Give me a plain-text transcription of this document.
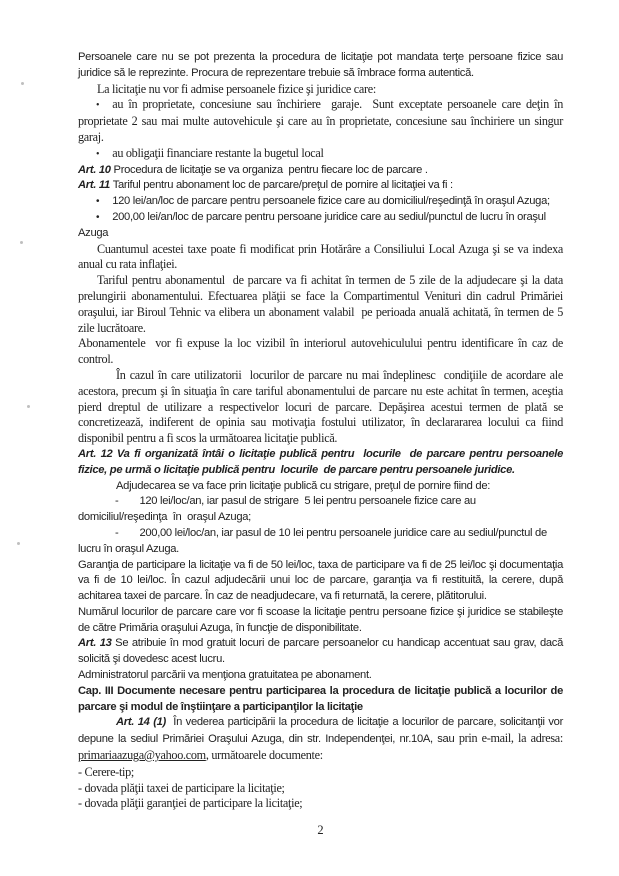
Persoanele care nu se pot prezenta la procedura de licitaţie pot mandata terţe persoane fizice sau juridice să le reprezinte. Procura de reprezentare trebuie să îmbrace forma autentică.

La licitaţie nu vor fi admise persoanele fizice şi juridice care:

• au în proprietate, concesiune sau închiriere  garaje.  Sunt exceptate persoanele care deţin în proprietate 2 sau mai multe autovehicule şi care au în proprietate, concesiune sau închiriere un singur garaj.

• au obligaţii financiare restante la bugetul local

Art. 10 Procedura de licitaţie se va organiza  pentru fiecare loc de parcare .

Art. 11 Tariful pentru abonament loc de parcare/preţul de pornire al licitaţiei va fi :

• 120 lei/an/loc de parcare pentru persoanele fizice care au domiciliul/reşedinţă în oraşul Azuga;

• 200,00 lei/an/loc de parcare pentru persoane juridice care au sediul/punctul de lucru în oraşul Azuga

Cuantumul acestei taxe poate fi modificat prin Hotărâre a Consiliului Local Azuga şi se va indexa anual cu rata inflaţiei.

Tariful pentru abonamentul  de parcare va fi achitat în termen de 5 zile de la adjudecare şi la data prelungirii abonamentului. Efectuarea plăţii se face la Compartimentul Venituri din cadrul Primăriei oraşului, iar Biroul Tehnic va elibera un abonament valabil  pe perioada anuală achitată, în termen de 5 zile lucrătoare.

Abonamentele  vor fi expuse la loc vizibil în interiorul autovehiculului pentru identificare în caz de control.

În cazul în care utilizatorii  locurilor de parcare nu mai îndeplinesc  condiţiile de acordare ale acestora, precum şi în situaţia în care tariful abonamentului de parcare nu este achitat în termen, aceştia pierd dreptul de utilizare a respectivelor locuri de parcare. Depăşirea acestui termen de plată se concretizează, indiferent de opinia sau motivaţia fostului utilizator, în declarararea locului ca fiind disponibil pentru a fi scos la următoarea licitaţie publică.

Art. 12 Va fi organizată întâi o licitaţie publică pentru  locurile  de parcare pentru persoanele fizice, pe urmă o licitaţie publică pentru  locurile  de parcare pentru persoanele juridice.

Adjudecarea se va face prin licitaţie publică cu strigare, preţul de pornire fiind de:

- 120 lei/loc/an, iar pasul de strigare  5 lei pentru persoanele fizice care au domiciliul/reşedinţa  în  oraşul Azuga;

- 200,00 lei/loc/an, iar pasul de 10 lei pentru persoanele juridice care au sediul/punctul de lucru în oraşul Azuga.

Garanţia de participare la licitaţie va fi de 50 lei/loc, taxa de participare va fi de 25 lei/loc şi documentaţia va fi de 10 lei/loc. În cazul adjudecării unui loc de parcare, garanţia va fi restituită, la cerere, după achitarea taxei de parcare. În caz de neadjudecare, va fi returnată, la cerere, plătitorului.

Numărul locurilor de parcare care vor fi scoase la licitaţie pentru persoane fizice şi juridice se stabileşte de către Primăria oraşului Azuga, în funcţie de disponibilitate.

Art. 13 Se atribuie în mod gratuit locuri de parcare persoanelor cu handicap accentuat sau grav, dacă solicită şi dovedesc acest lucru.

Administratorul parcării va menţiona gratuitatea pe abonament.

Cap. III Documente necesare pentru participarea la procedura de licitaţie publică a locurilor de parcare şi modul de înştiinţare a participanţilor la licitaţie

Art. 14 (1)  În vederea participării la procedura de licitaţie a locurilor de parcare, solicitanţii vor depune la sediul Primăriei Oraşului Azuga, din str. Independenţei, nr.10A, sau prin e-mail, la adresa: primariaazuga@yahoo.com, următoarele documente:

- Cerere-tip;

- dovada plăţii taxei de participare la licitaţie;

- dovada plăţii garanţiei de participare la licitaţie;

2
